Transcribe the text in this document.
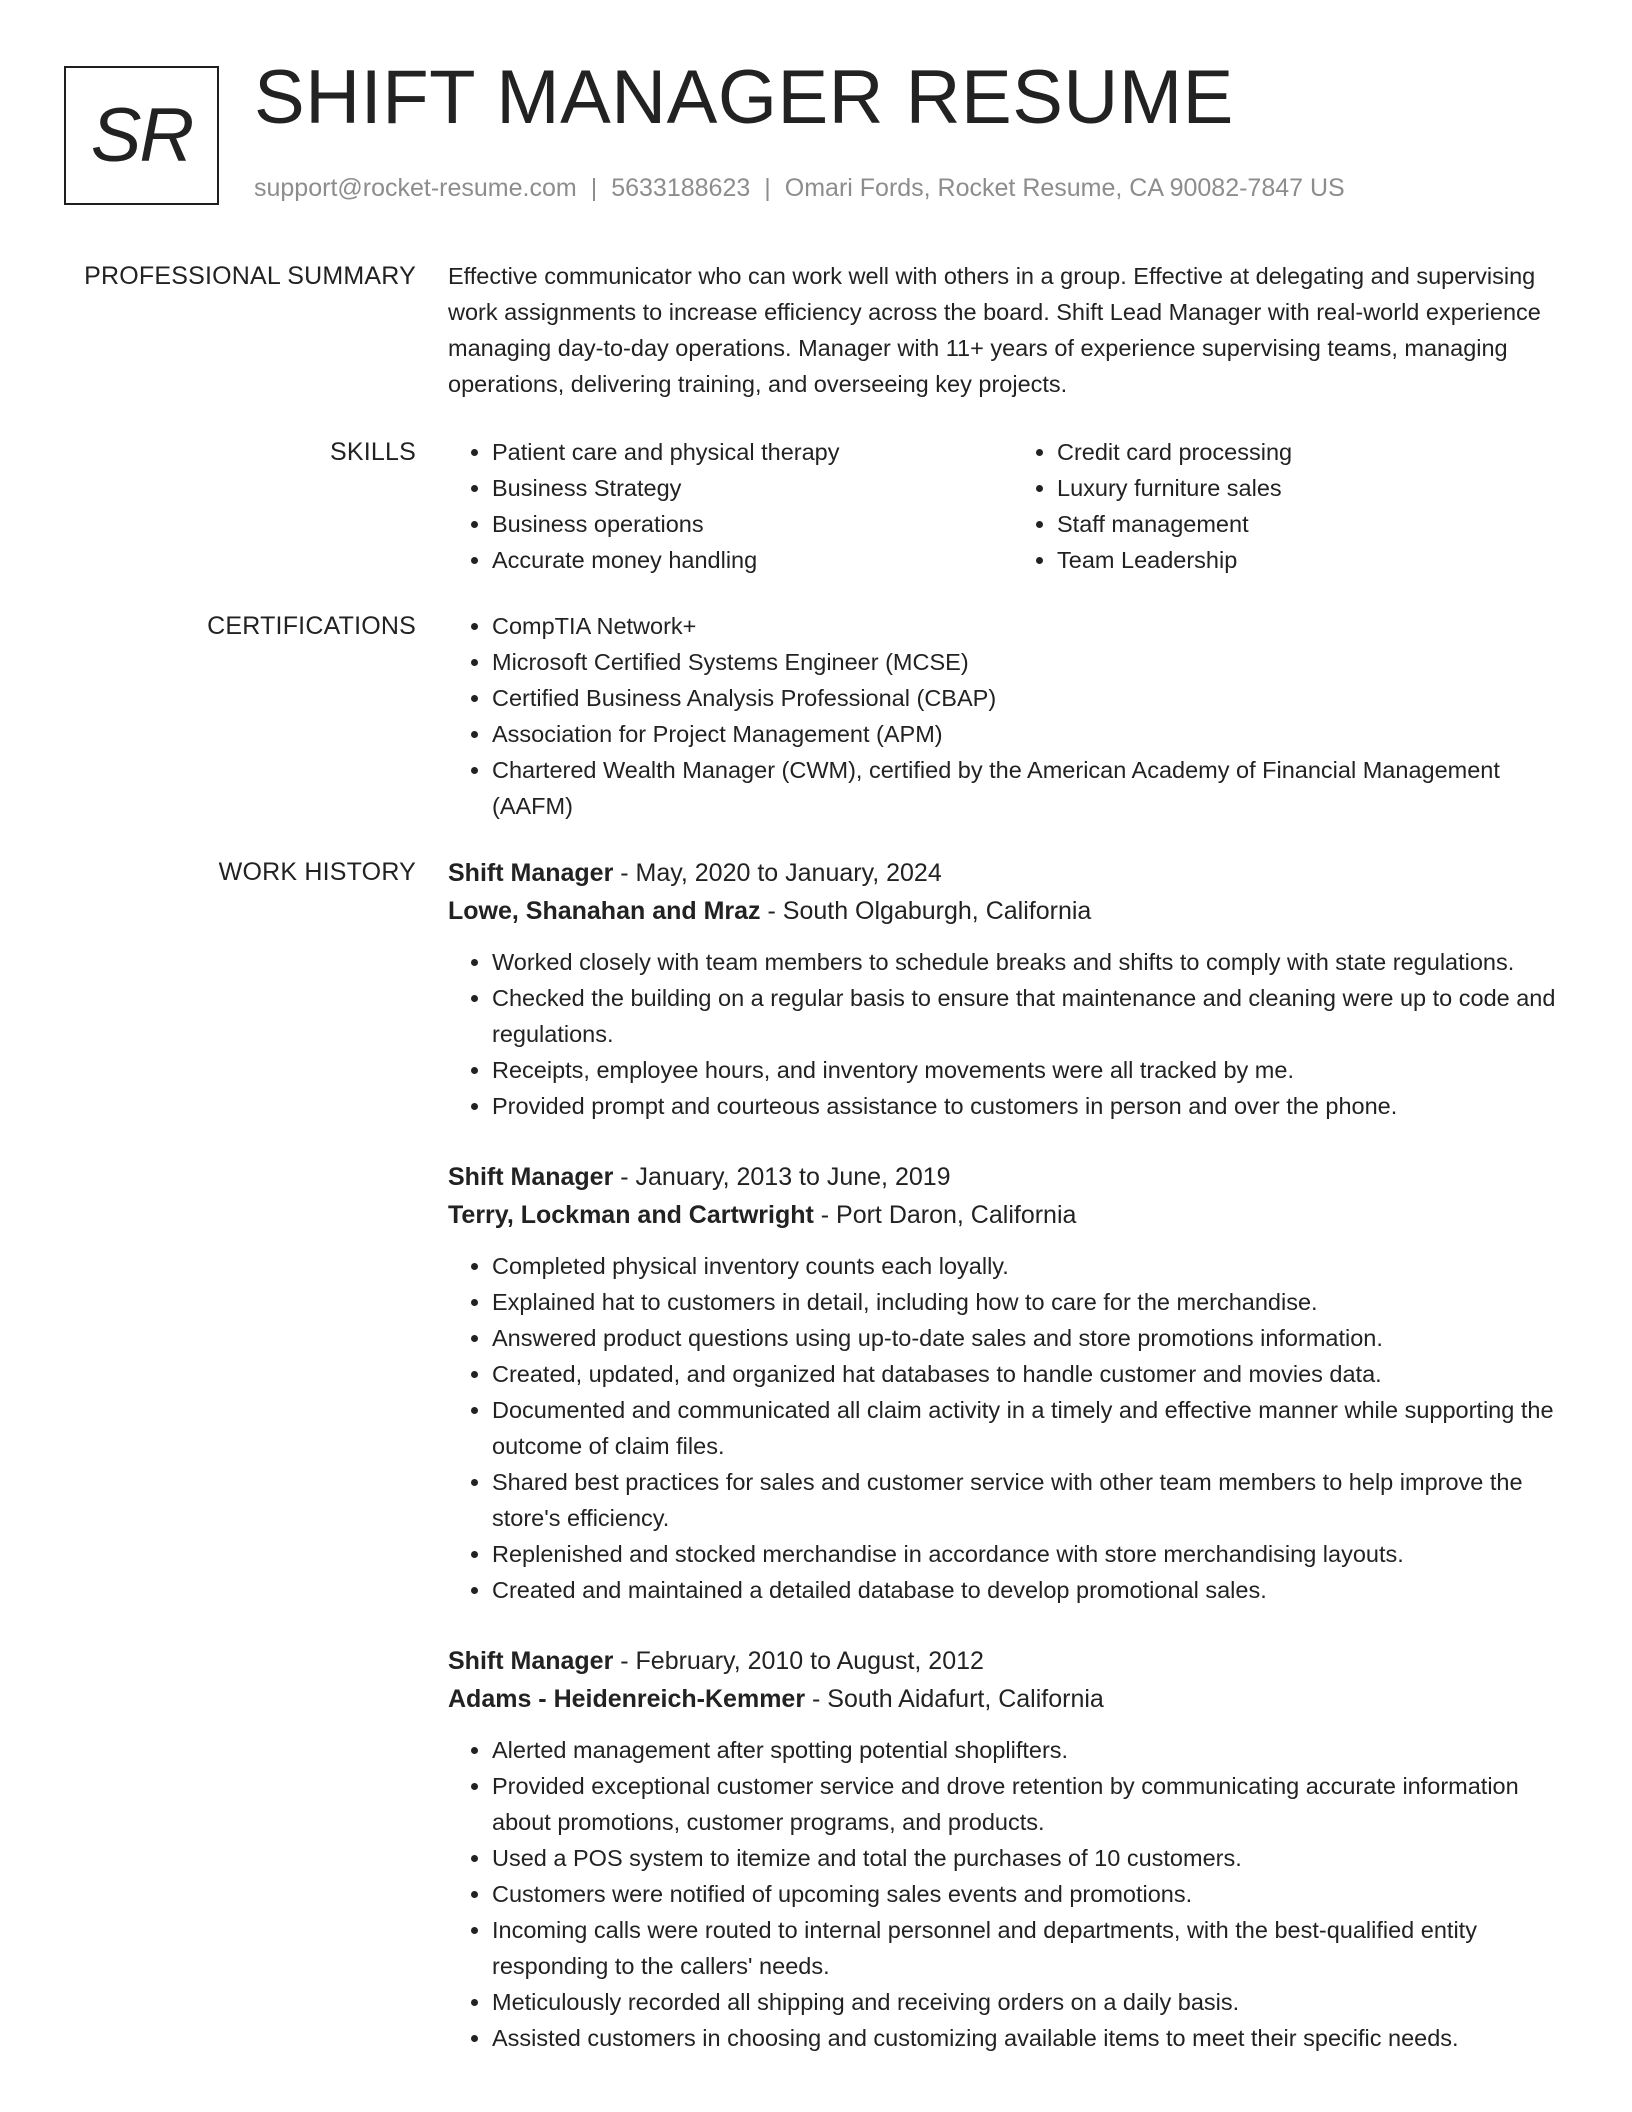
SR SHIFT MANAGER RESUME
support@rocket-resume.com | 5633188623 | Omari Fords, Rocket Resume, CA 90082-7847 US
PROFESSIONAL SUMMARY Effective communicator who can work well with others in a group. Effective at delegating and supervising work assignments to increase efficiency across the board. Shift Lead Manager with real-world experience managing day-to-day operations. Manager with 11+ years of experience supervising teams, managing operations, delivering training, and overseeing key projects.

SKILLS	• Patient care and physical therapy
• Business Strategy
• Business operations
• Accurate money handling
• Credit card processing
• Luxury furniture sales
• Staff management
• Team Leadership
CERTIFICATIONS	• CompTIA Network+
• Microsoft Certified Systems Engineer (MCSE)
• Certified Business Analysis Professional (CBAP)
• Association for Project Management (APM)
• Chartered Wealth Manager (CWM), certified by the American Academy of Financial Management (AAFM)
WORK HISTORY Shift Manager - May, 2020 to January, 2024
Lowe, Shanahan and Mraz - South Olgaburgh, California
• Worked closely with team members to schedule breaks and shifts to comply with state regulations.
• Checked the building on a regular basis to ensure that maintenance and cleaning were up to code and regulations.
• Receipts, employee hours, and inventory movements were all tracked by me.
• Provided prompt and courteous assistance to customers in person and over the phone.
Shift Manager - January, 2013 to June, 2019
Terry, Lockman and Cartwright - Port Daron, California
• Completed physical inventory counts each loyally.
• Explained hat to customers in detail, including how to care for the merchandise.
• Answered product questions using up-to-date sales and store promotions information.
• Created, updated, and organized hat databases to handle customer and movies data.
• Documented and communicated all claim activity in a timely and effective manner while supporting the outcome of claim files.
• Shared best practices for sales and customer service with other team members to help improve the store's efficiency.
• Replenished and stocked merchandise in accordance with store merchandising layouts.
• Created and maintained a detailed database to develop promotional sales.
Shift Manager - February, 2010 to August, 2012
Adams - Heidenreich-Kemmer - South Aidafurt, California
• Alerted management after spotting potential shoplifters.
• Provided exceptional customer service and drove retention by communicating accurate information about promotions, customer programs, and products.
• Used a POS system to itemize and total the purchases of 10 customers.
• Customers were notified of upcoming sales events and promotions.
• Incoming calls were routed to internal personnel and departments, with the best-qualified entity responding to the callers' needs.
• Meticulously recorded all shipping and receiving orders on a daily basis.
• Assisted customers in choosing and customizing available items to meet their specific needs.
